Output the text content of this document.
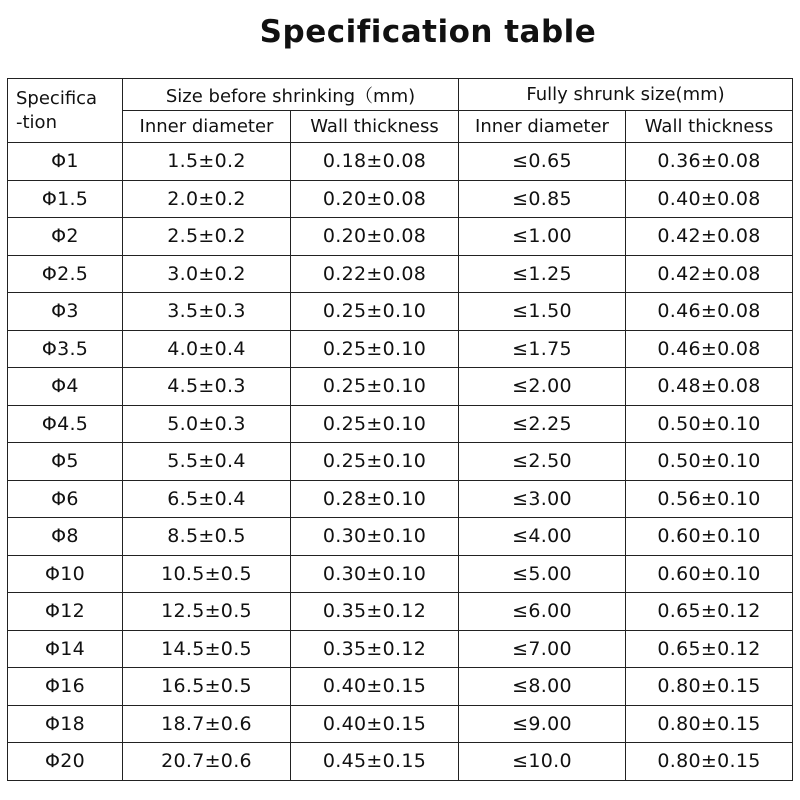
Specification table
Specifica
-tion	Size before shrinking（mm)		Fully shrunk size(mm)	
	Inner diameter	Wall thickness	Inner diameter	Wall thickness
Φ1	1.5±0.2	0.18±0.08	≤0.65	0.36±0.08
Φ1.5	2.0±0.2	0.20±0.08	≤0.85	0.40±0.08
Φ2	2.5±0.2	0.20±0.08	≤1.00	0.42±0.08
Φ2.5	3.0±0.2	0.22±0.08	≤1.25	0.42±0.08
Φ3	3.5±0.3	0.25±0.10	≤1.50	0.46±0.08
Φ3.5	4.0±0.4	0.25±0.10	≤1.75	0.46±0.08
Φ4	4.5±0.3	0.25±0.10	≤2.00	0.48±0.08
Φ4.5	5.0±0.3	0.25±0.10	≤2.25	0.50±0.10
Φ5	5.5±0.4	0.25±0.10	≤2.50	0.50±0.10
Φ6	6.5±0.4	0.28±0.10	≤3.00	0.56±0.10
Φ8	8.5±0.5	0.30±0.10	≤4.00	0.60±0.10
Φ10	10.5±0.5	0.30±0.10	≤5.00	0.60±0.10
Φ12	12.5±0.5	0.35±0.12	≤6.00	0.65±0.12
Φ14	14.5±0.5	0.35±0.12	≤7.00	0.65±0.12
Φ16	16.5±0.5	0.40±0.15	≤8.00	0.80±0.15
Φ18	18.7±0.6	0.40±0.15	≤9.00	0.80±0.15
Φ20	20.7±0.6	0.45±0.15	≤10.0	0.80±0.15
